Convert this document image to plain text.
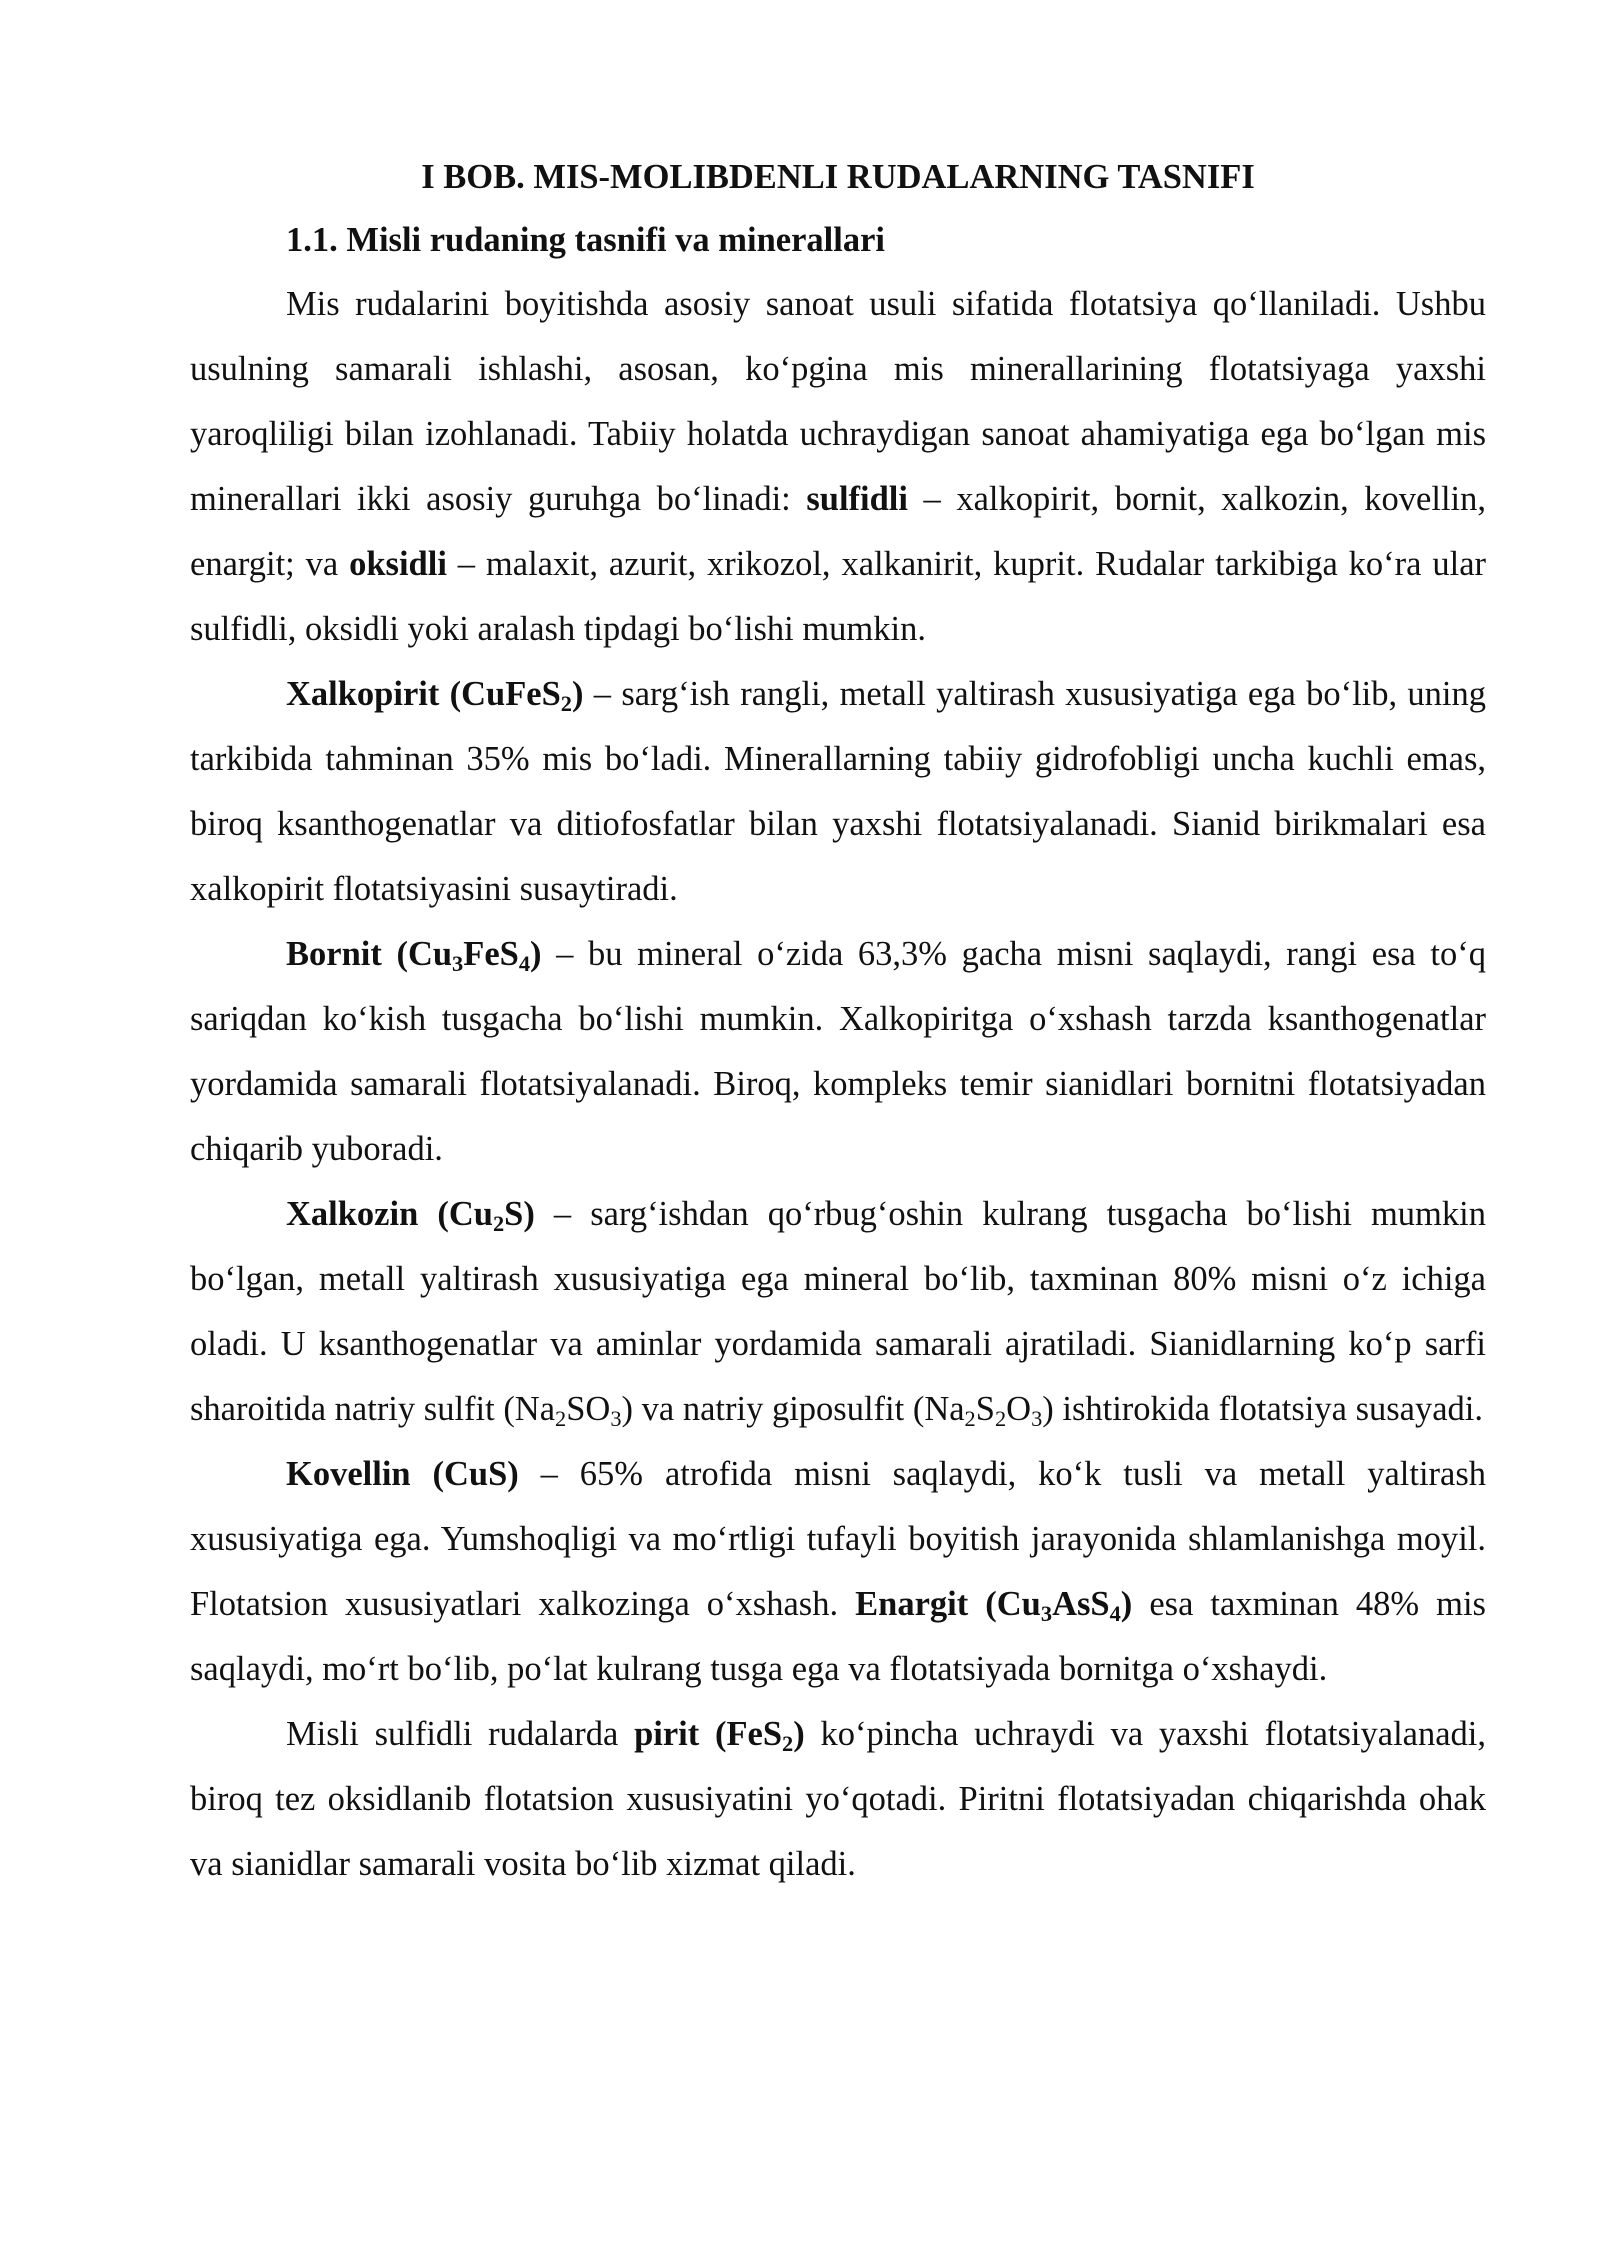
I BOB. MIS-MOLIBDENLI RUDALARNING TASNIFI
1.1. Misli rudaning tasnifi va minerallari

Mis rudalarini boyitishda asosiy sanoat usuli sifatida flotatsiya qo‘llaniladi. Ushbu usulning samarali ishlashi, asosan, ko‘pgina mis minerallarining flotatsiyaga yaxshi yaroqliligi bilan izohlanadi. Tabiiy holatda uchraydigan sanoat ahamiyatiga ega bo‘lgan mis minerallari ikki asosiy guruhga bo‘linadi: sulfidli – xalkopirit, bornit, xalkozin, kovellin, enargit; va oksidli – malaxit, azurit, xrikozol, xalkanirit, kuprit. Rudalar tarkibiga ko‘ra ular sulfidli, oksidli yoki aralash tipdagi bo‘lishi mumkin.

Xalkopirit (CuFeS$_2$) – sarg‘ish rangli, metall yaltirash xususiyatiga ega bo‘lib, uning tarkibida tahminan 35% mis bo‘ladi. Minerallarning tabiiy gidrofobligi uncha kuchli emas, biroq ksanthogenatlar va ditiofosfatlar bilan yaxshi flotatsiyalanadi. Sianid birikmalari esa xalkopirit flotatsiyasini susaytiradi.

Bornit $(Cu_3FeS_4)$ – bu mineral o‘zida 63,3% gacha misni saqlaydi, rangi esa to‘q sariqdan ko‘kish tusgacha bo‘lishi mumkin. Xalkopiritga o‘xshash tarzda ksanthogenatlar yordamida samarali flotatsiyalanadi. Biroq, kompleks temir sianidlari bornitni flotatsiyadan chiqarib yuboradi.

Xalkozin $(Cu_2S)$ – sarg‘ishdan qo‘rbug‘oshin kulrang tusgacha bo‘lishi mumkin bo‘lgan, metall yaltirash xususiyatiga ega mineral bo‘lib, taxminan 80% misni o‘z ichiga oladi. U ksanthogenatlar va aminlar yordamida samarali ajratiladi. Sianidlarning ko‘p sarfi sharoitida natriy sulfit $(Na_2SO_3)$ va natriy giposulfit $(Na_2S_2O_3)$ ishtirokida flotatsiya susayadi.

Kovellin (CuS) – 65% atrofida misni saqlaydi, ko‘k tusli va metall yaltirash xususiyatiga ega. Yumshoqligi va mo‘rtligi tufayli boyitish jarayonida shlamlanishga moyil. Flotatsion xususiyatlari xalkozinga o‘xshash. Enargit $(Cu_3AsS_4)$ esa taxminan 48% mis saqlaydi, mo‘rt bo‘lib, po‘lat kulrang tusga ega va flotatsiyada bornitga o‘xshaydi.

Misli sulfidli rudalarda pirit (FeS$_2$) ko‘pincha uchraydi va yaxshi flotatsiyalanadi, biroq tez oksidlanib flotatsion xususiyatini yo‘qotadi. Piritni flotatsiyadan chiqarishda ohak va sianidlar samarali vosita bo‘lib xizmat qiladi.
